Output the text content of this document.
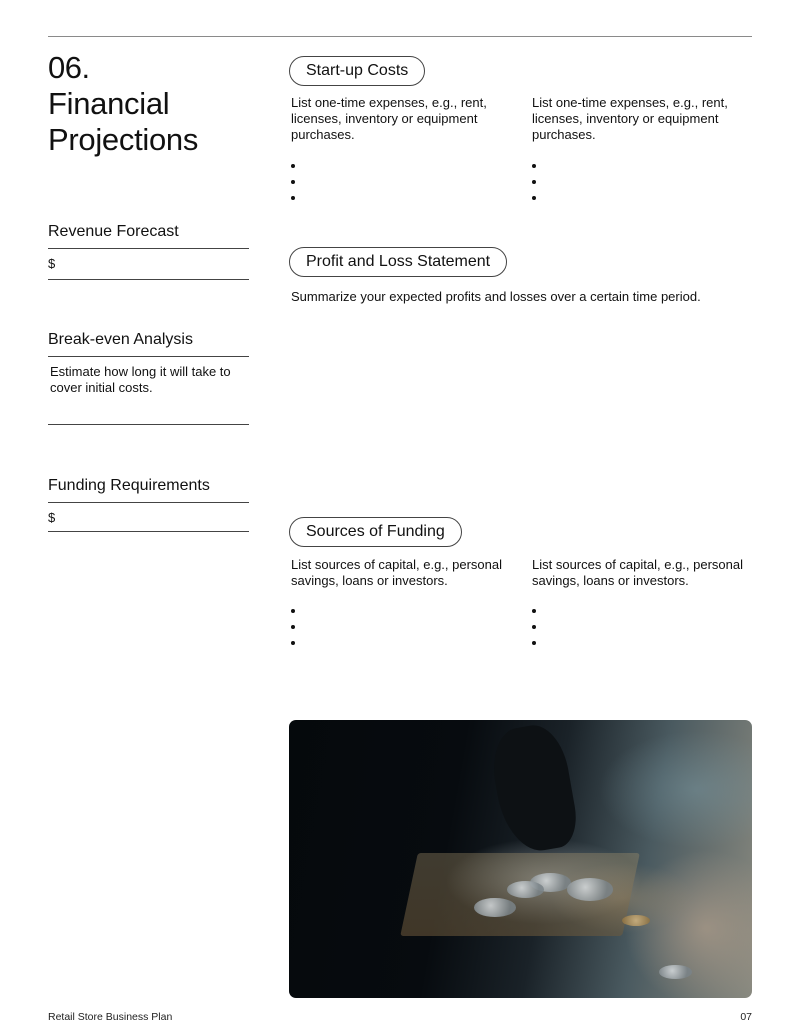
06.
Financial Projections
Revenue Forecast
$
Break-even Analysis
Estimate how long it will take to cover initial costs.
Funding Requirements
$
Start-up Costs
List one-time expenses, e.g., rent, licenses, inventory or equipment purchases.
List one-time expenses, e.g., rent, licenses, inventory or equipment purchases.
Profit and Loss Statement
Summarize your expected profits and losses over a certain time period.
Sources of Funding
List sources of capital, e.g., personal savings, loans or investors.
List sources of capital, e.g., personal savings, loans or investors.
Retail Store Business Plan	07
